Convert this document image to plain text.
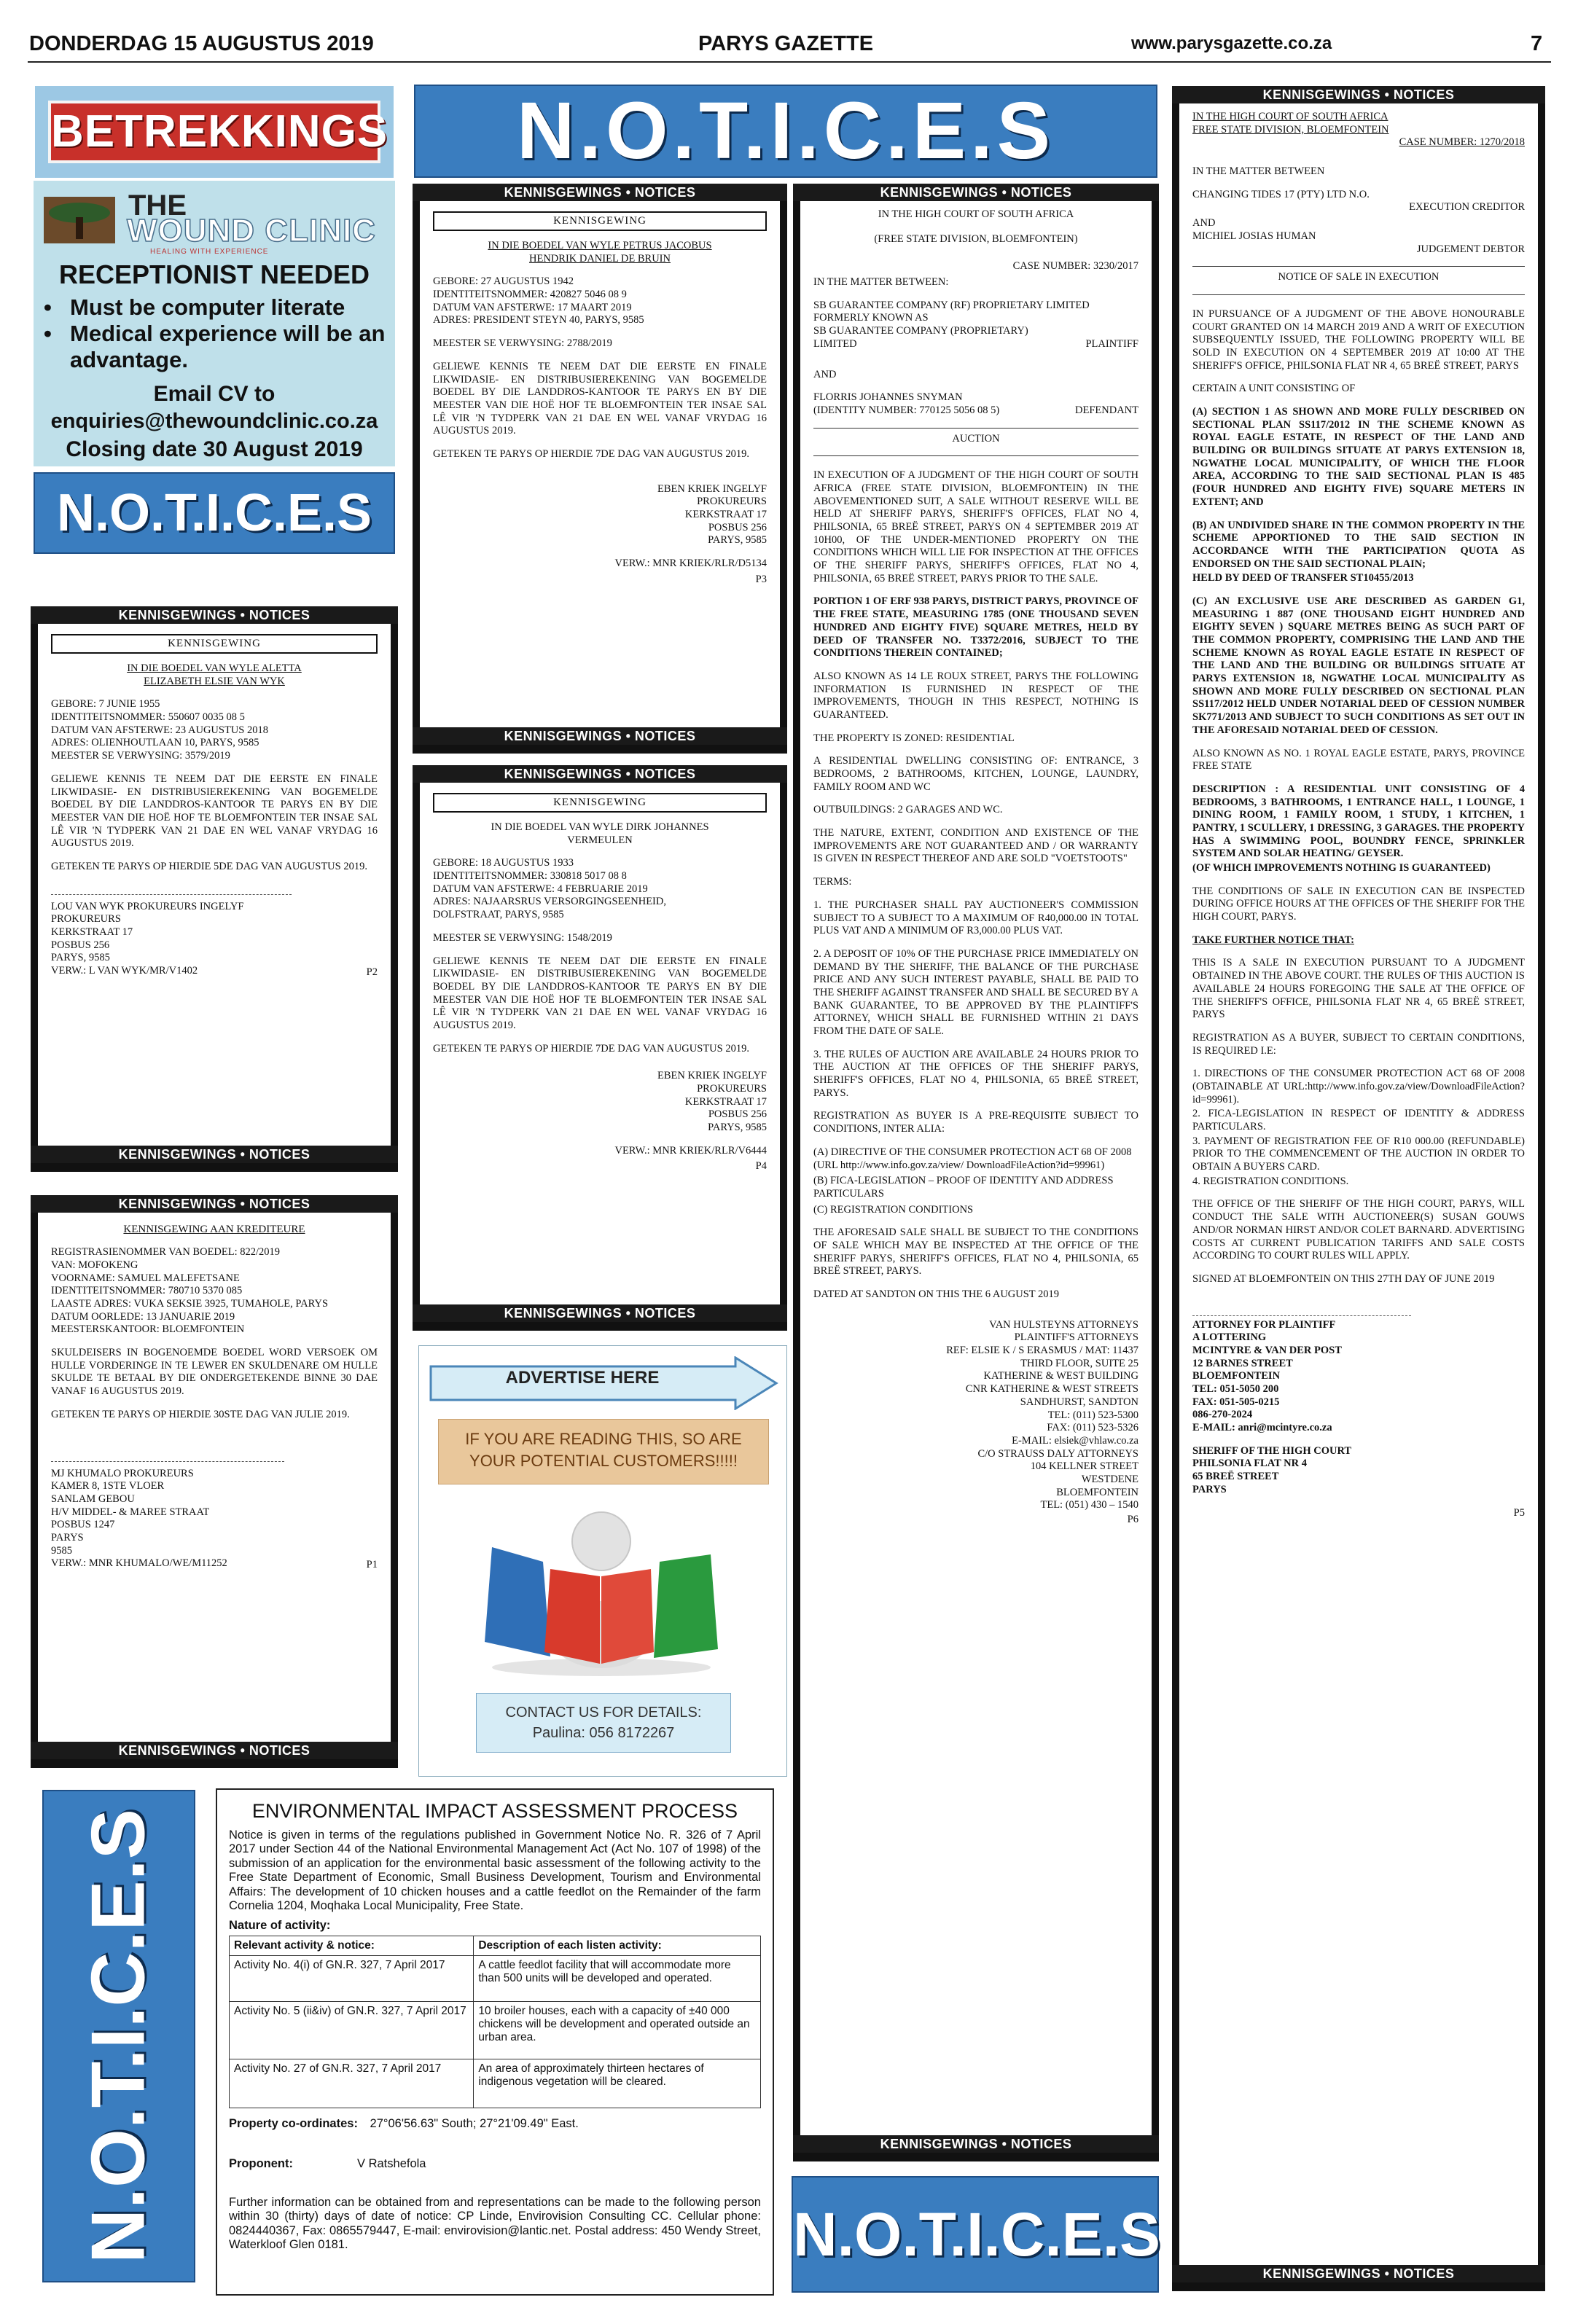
DONDERDAG 15 AUGUSTUS 2019	PARYS GAZETTE	www.parysgazette.co.za	7
BETREKKINGS
THE
WOUND CLINIC
HEALING WITH EXPERIENCE
RECEPTIONIST NEEDED
• Must be computer literate
• Medical experience will be an advantage.
Email CV to
enquiries@thewoundclinic.co.za
Closing date 30 August 2019
N.O.T.I.C.E.S
KENNISGEWINGS • NOTICES
KENNISGEWING

IN DIE BOEDEL VAN WYLE ALETTA

ELIZABETH ELSIE VAN WYK

GEBORE: 7 JUNIE 1955
IDENTITEITSNOMMER: 550607 0035 08 5
DATUM VAN AFSTERWE: 23 AUGUSTUS 2018
ADRES: OLIENHOUTLAAN 10, PARYS, 9585
MEESTER SE VERWYSING: 3579/2019

GELIEWE KENNIS TE NEEM DAT DIE EERSTE EN FINALE LIKWIDASIE- EN DISTRIBUSIEREKENING VAN BOGEMELDE BOEDEL BY DIE LANDDROS-KANTOOR TE PARYS EN BY DIE MEESTER VAN DIE HOË HOF TE BLOEMFONTEIN TER INSAE SAL LÊ VIR 'N TYDPERK VAN 21 DAE EN WEL VANAF VRYDAG 16 AUGUSTUS 2019.

GETEKEN TE PARYS OP HIERDIE 5DE DAG VAN AUGUSTUS 2019.

LOU VAN WYK PROKUREURS INGELYF
PROKUREURS
KERKSTRAAT 17
POSBUS 256
PARYS, 9585
VERW.: L VAN WYK/MR/V1402	P2

KENNISGEWINGS • NOTICES
KENNISGEWINGS • NOTICES

KENNISGEWING AAN KREDITEURE

REGISTRASIENOMMER VAN BOEDEL: 822/2019
VAN: MOFOKENG
VOORNAME: SAMUEL MALEFETSANE
IDENTITEITSNOMMER: 780710 5370 085
LAASTE ADRES: VUKA SEKSIE 3925, TUMAHOLE, PARYS
DATUM OORLEDE: 13 JANUARIE 2019
MEESTERSKANTOOR: BLOEMFONTEIN

SKULDEISERS IN BOGENOEMDE BOEDEL WORD VERSOEK OM HULLE VORDERINGE IN TE LEWER EN SKULDENARE OM HULLE SKULDE TE BETAAL BY DIE ONDERGETEKENDE BINNE 30 DAE VANAF 16 AUGUSTUS 2019.

GETEKEN TE PARYS OP HIERDIE 30STE DAG VAN JULIE 2019.

MJ KHUMALO PROKUREURS
KAMER 8, 1STE VLOER
SANLAM GEBOU
H/V MIDDEL- & MAREE STRAAT
POSBUS 1247
PARYS
9585
VERW.: MNR KHUMALO/WE/M11252	P1

KENNISGEWINGS • NOTICES
N.O.T.I.C.E.S
N.O.T.I.C.E.S
KENNISGEWINGS • NOTICES
KENNISGEWING

IN DIE BOEDEL VAN WYLE PETRUS JACOBUS

HENDRIK DANIEL DE BRUIN

GEBORE: 27 AUGUSTUS 1942
IDENTITEITSNOMMER: 420827 5046 08 9
DATUM VAN AFSTERWE: 17 MAART 2019
ADRES: PRESIDENT STEYN 40, PARYS, 9585

MEESTER SE VERWYSING: 2788/2019

GELIEWE KENNIS TE NEEM DAT DIE EERSTE EN FINALE LIKWIDASIE- EN DISTRIBUSIEREKENING VAN BOGEMELDE BOEDEL BY DIE LANDDROS-KANTOOR TE PARYS EN BY DIE MEESTER VAN DIE HOË HOF TE BLOEMFONTEIN TER INSAE SAL LÊ VIR 'N TYDPERK VAN 21 DAE EN WEL VANAF VRYDAG 16 AUGUSTUS 2019.

GETEKEN TE PARYS OP HIERDIE 7DE DAG VAN AUGUSTUS 2019.

EBEN KRIEK INGELYF
PROKUREURS
KERKSTRAAT 17
POSBUS 256
PARYS, 9585

VERW.: MNR KRIEK/RLR/D5134

P3

KENNISGEWINGS • NOTICES
KENNISGEWINGS • NOTICES
KENNISGEWING

IN DIE BOEDEL VAN WYLE DIRK JOHANNES

VERMEULEN

GEBORE: 18 AUGUSTUS 1933
IDENTITEITSNOMMER: 330818 5017 08 8
DATUM VAN AFSTERWE: 4 FEBRUARIE 2019
ADRES: NAJAARSRUS VERSORGINGSEENHEID,
DOLFSTRAAT, PARYS, 9585

MEESTER SE VERWYSING: 1548/2019

GELIEWE KENNIS TE NEEM DAT DIE EERSTE EN FINALE LIKWIDASIE- EN DISTRIBUSIEREKENING VAN BOGEMELDE BOEDEL BY DIE LANDDROS-KANTOOR TE PARYS EN BY DIE MEESTER VAN DIE HOË HOF TE BLOEMFONTEIN TER INSAE SAL LÊ VIR 'N TYDPERK VAN 21 DAE EN WEL VANAF VRYDAG 16 AUGUSTUS 2019.

GETEKEN TE PARYS OP HIERDIE 7DE DAG VAN AUGUSTUS 2019.

EBEN KRIEK INGELYF
PROKUREURS
KERKSTRAAT 17
POSBUS 256
PARYS, 9585

VERW.: MNR KRIEK/RLR/V6444

P4

KENNISGEWINGS • NOTICES
ADVERTISE HERE
IF YOU ARE READING THIS, SO ARE YOUR POTENTIAL CUSTOMERS!!!!!
CONTACT US FOR DETAILS:
Paulina: 056 8172267
ENVIRONMENTAL IMPACT ASSESSMENT PROCESS

Notice is given in terms of the regulations published in Government Notice No. R. 326 of 7 April 2017 under Section 44 of the National Environmental Management Act (Act No. 107 of 1998) of the submission of an application for the environmental basic assessment of the following activity to the Free State Department of Economic, Small Business Development, Tourism and Environmental Affairs: The development of 10 chicken houses and a cattle feedlot on the Remainder of the farm Cornelia 1204, Moqhaka Local Municipality, Free State.

Nature of activity:

Relevant activity & notice:	Description of each listen activity:
Activity No. 4(i) of GN.R. 327, 7 April 2017	A cattle feedlot facility that will accommodate more than 500 units will be developed and operated.
Activity No. 5 (ii&iv) of GN.R. 327, 7 April 2017	10 broiler houses, each with a capacity of ±40 000 chickens will be development and operated outside an urban area.
Activity No. 27 of GN.R. 327, 7 April 2017	An area of approximately thirteen hectares of indigenous vegetation will be cleared.
Property co-ordinates: 27°06'56.63" South; 27°21'09.49" East.
Proponent:	V Ratshefola

Further information can be obtained from and representations can be made to the following person within 30 (thirty) days of date of notice: CP Linde, Envirovision Consulting CC. Cellular phone: 0824440367, Fax: 0865579447, E-mail: envirovision@lantic.net. Postal address: 450 Wendy Street, Waterkloof Glen 0181.

KENNISGEWINGS • NOTICES

IN THE HIGH COURT OF SOUTH AFRICA

(FREE STATE DIVISION, BLOEMFONTEIN)

CASE NUMBER: 3230/2017

IN THE MATTER BETWEEN:

SB GUARANTEE COMPANY (RF) PROPRIETARY LIMITED
FORMERLY KNOWN AS
SB GUARANTEE COMPANY (PROPRIETARY)
LIMITED	PLAINTIFF

AND

FLORRIS JOHANNES SNYMAN
(IDENTITY NUMBER: 770125 5056 08 5)	DEFENDANT

AUCTION

IN EXECUTION OF A JUDGMENT OF THE HIGH COURT OF SOUTH AFRICA (FREE STATE DIVISION, BLOEMFONTEIN) IN THE ABOVEMENTIONED SUIT, A SALE WITHOUT RESERVE WILL BE HELD AT SHERIFF PARYS, SHERIFF'S OFFICES, FLAT NO 4, PHILSONIA, 65 BREË STREET, PARYS ON 4 SEPTEMBER 2019 AT 10H00, OF THE UNDER-MENTIONED PROPERTY ON THE CONDITIONS WHICH WILL LIE FOR INSPECTION AT THE OFFICES OF THE SHERIFF PARYS, SHERIFF'S OFFICES, FLAT NO 4, PHILSONIA, 65 BREË STREET, PARYS PRIOR TO THE SALE.

PORTION 1 OF ERF 938 PARYS, DISTRICT PARYS, PROVINCE OF THE FREE STATE, MEASURING 1785 (ONE THOUSAND SEVEN HUNDRED AND EIGHTY FIVE) SQUARE METRES, HELD BY DEED OF TRANSFER NO. T3372/2016, SUBJECT TO THE CONDITIONS THEREIN CONTAINED;

ALSO KNOWN AS 14 LE ROUX STREET, PARYS THE FOLLOWING INFORMATION IS FURNISHED IN RESPECT OF THE IMPROVEMENTS, THOUGH IN THIS RESPECT, NOTHING IS GUARANTEED.

THE PROPERTY IS ZONED: RESIDENTIAL

A RESIDENTIAL DWELLING CONSISTING OF: ENTRANCE, 3 BEDROOMS, 2 BATHROOMS, KITCHEN, LOUNGE, LAUNDRY, FAMILY ROOM AND WC

OUTBUILDINGS: 2 GARAGES AND WC.

THE NATURE, EXTENT, CONDITION AND EXISTENCE OF THE IMPROVEMENTS ARE NOT GUARANTEED AND / OR WARRANTY IS GIVEN IN RESPECT THEREOF AND ARE SOLD "VOETSTOOTS"

TERMS:

1. THE PURCHASER SHALL PAY AUCTIONEER'S COMMISSION SUBJECT TO A SUBJECT TO A MAXIMUM OF R40,000.00 IN TOTAL PLUS VAT AND A MINIMUM OF R3,000.00 PLUS VAT.

2. A DEPOSIT OF 10% OF THE PURCHASE PRICE IMMEDIATELY ON DEMAND BY THE SHERIFF, THE BALANCE OF THE PURCHASE PRICE AND ANY SUCH INTEREST PAYABLE, SHALL BE PAID TO THE SHERIFF AGAINST TRANSFER AND SHALL BE SECURED BY A BANK GUARANTEE, TO BE APPROVED BY THE PLAINTIFF'S ATTORNEY, WHICH SHALL BE FURNISHED WITHIN 21 DAYS FROM THE DATE OF SALE.

3. THE RULES OF AUCTION ARE AVAILABLE 24 HOURS PRIOR TO THE AUCTION AT THE OFFICES OF THE SHERIFF PARYS, SHERIFF'S OFFICES, FLAT NO 4, PHILSONIA, 65 BREË STREET, PARYS.

REGISTRATION AS BUYER IS A PRE-REQUISITE SUBJECT TO CONDITIONS, INTER ALIA:

(A) DIRECTIVE OF THE CONSUMER PROTECTION ACT 68 OF 2008 (URL http://www.info.gov.za/view/ DownloadFileAction?id=99961)

(B) FICA-LEGISLATION – PROOF OF IDENTITY AND ADDRESS PARTICULARS

(C) REGISTRATION CONDITIONS

THE AFORESAID SALE SHALL BE SUBJECT TO THE CONDITIONS OF SALE WHICH MAY BE INSPECTED AT THE OFFICE OF THE SHERIFF PARYS, SHERIFF'S OFFICES, FLAT NO 4, PHILSONIA, 65 BREË STREET, PARYS.

DATED AT SANDTON ON THIS THE 6 AUGUST 2019

VAN HULSTEYNS ATTORNEYS
PLAINTIFF'S ATTORNEYS
REF: ELSIE K / S ERASMUS / MAT: 11437
THIRD FLOOR, SUITE 25
KATHERINE & WEST BUILDING
CNR KATHERINE & WEST STREETS
SANDHURST, SANDTON
TEL: (011) 523-5300
FAX: (011) 523-5326
E-MAIL: elsiek@vhlaw.co.za
C/O STRAUSS DALY ATTORNEYS
104 KELLNER STREET
WESTDENE
BLOEMFONTEIN
TEL: (051) 430 – 1540

P6

KENNISGEWINGS • NOTICES
N.O.T.I.C.E.S
KENNISGEWINGS • NOTICES

IN THE HIGH COURT OF SOUTH AFRICA

FREE STATE DIVISION, BLOEMFONTEIN

CASE NUMBER: 1270/2018

IN THE MATTER BETWEEN

CHANGING TIDES 17 (PTY) LTD N.O.
EXECUTION CREDITOR

AND

MICHIEL JOSIAS HUMAN
JUDGEMENT DEBTOR

NOTICE OF SALE IN EXECUTION

IN PURSUANCE OF A JUDGMENT OF THE ABOVE HONOURABLE COURT GRANTED ON 14 MARCH 2019 AND A WRIT OF EXECUTION SUBSEQUENTLY ISSUED, THE FOLLOWING PROPERTY WILL BE SOLD IN EXECUTION ON 4 SEPTEMBER 2019 AT 10:00 AT THE SHERIFF'S OFFICE, PHILSONIA FLAT NR 4, 65 BREË STREET, PARYS

CERTAIN A UNIT CONSISTING OF

(A) SECTION 1 AS SHOWN AND MORE FULLY DESCRIBED ON SECTIONAL PLAN SS117/2012 IN THE SCHEME KNOWN AS ROYAL EAGLE ESTATE, IN RESPECT OF THE LAND AND BUILDING OR BUILDINGS SITUATE AT PARYS EXTENSION 18, NGWATHE LOCAL MUNICIPALITY, OF WHICH THE FLOOR AREA, ACCORDING TO THE SAID SECTIONAL PLAN IS 485 (FOUR HUNDRED AND EIGHTY FIVE) SQUARE METERS IN EXTENT; AND

(B) AN UNDIVIDED SHARE IN THE COMMON PROPERTY IN THE SCHEME APPORTIONED TO THE SAID SECTION IN ACCORDANCE WITH THE PARTICIPATION QUOTA AS ENDORSED ON THE SAID SECTIONAL PLAIN;

HELD BY DEED OF TRANSFER ST10455/2013

(C) AN EXCLUSIVE USE ARE DESCRIBED AS GARDEN G1, MEASURING 1 887 (ONE THOUSAND EIGHT HUNDRED AND EIGHTY SEVEN ) SQUARE METRES BEING AS SUCH PART OF THE COMMON PROPERTY, COMPRISING THE LAND AND THE SCHEME KNOWN AS ROYAL EAGLE ESTATE IN RESPECT OF THE LAND AND THE BUILDING OR BUILDINGS SITUATE AT PARYS EXTENSION 18, NGWATHE LOCAL MUNICIPALITY AS SHOWN AND MORE FULLY DESCRIBED ON SECTIONAL PLAN SS117/2012 HELD UNDER NOTARIAL DEED OF CESSION NUMBER SK771/2013 AND SUBJECT TO SUCH CONDITIONS AS SET OUT IN THE AFORESAID NOTARIAL DEED OF CESSION.

ALSO KNOWN AS NO. 1 ROYAL EAGLE ESTATE, PARYS, PROVINCE FREE STATE

DESCRIPTION : A RESIDENTIAL UNIT CONSISTING OF 4 BEDROOMS, 3 BATHROOMS, 1 ENTRANCE HALL, 1 LOUNGE, 1 DINING ROOM, 1 FAMILY ROOM, 1 STUDY, 1 KITCHEN, 1 PANTRY, 1 SCULLERY, 1 DRESSING, 3 GARAGES. THE PROPERTY HAS A SWIMMING POOL, BOUNDRY FENCE, SPRINKLER SYSTEM AND SOLAR HEATING/ GEYSER.

(OF WHICH IMPROVEMENTS NOTHING IS GUARANTEED)

THE CONDITIONS OF SALE IN EXECUTION CAN BE INSPECTED DURING OFFICE HOURS AT THE OFFICES OF THE SHERIFF FOR THE HIGH COURT, PARYS.

TAKE FURTHER NOTICE THAT:

THIS IS A SALE IN EXECUTION PURSUANT TO A JUDGMENT OBTAINED IN THE ABOVE COURT. THE RULES OF THIS AUCTION IS AVAILABLE 24 HOURS FOREGOING THE SALE AT THE OFFICE OF THE SHERIFF'S OFFICE, PHILSONIA FLAT NR 4, 65 BREË STREET, PARYS

REGISTRATION AS A BUYER, SUBJECT TO CERTAIN CONDITIONS, IS REQUIRED I.E:

1. DIRECTIONS OF THE CONSUMER PROTECTION ACT 68 OF 2008 (OBTAINABLE AT URL:http://www.info.gov.za/view/DownloadFileAction?id=99961).

2. FICA-LEGISLATION IN RESPECT OF IDENTITY & ADDRESS PARTICULARS.

3. PAYMENT OF REGISTRATION FEE OF R10 000.00 (REFUNDABLE) PRIOR TO THE COMMENCEMENT OF THE AUCTION IN ORDER TO OBTAIN A BUYERS CARD.

4. REGISTRATION CONDITIONS.

THE OFFICE OF THE SHERIFF OF THE HIGH COURT, PARYS, WILL CONDUCT THE SALE WITH AUCTIONEER(S) SUSAN GOUWS AND/OR NORMAN HIRST AND/OR COLET BARNARD. ADVERTISING COSTS AT CURRENT PUBLICATION TARIFFS AND SALE COSTS ACCORDING TO COURT RULES WILL APPLY.

SIGNED AT BLOEMFONTEIN ON THIS 27TH DAY OF JUNE 2019

ATTORNEY FOR PLAINTIFF
A LOTTERING
MCINTYRE & VAN DER POST
12 BARNES STREET
BLOEMFONTEIN
TEL: 051-5050 200
FAX: 051-505-0215
086-270-2024
E-MAIL: anri@mcintyre.co.za

SHERIFF OF THE HIGH COURT
PHILSONIA FLAT NR 4
65 BREË STREET
PARYS

P5

KENNISGEWINGS • NOTICES
